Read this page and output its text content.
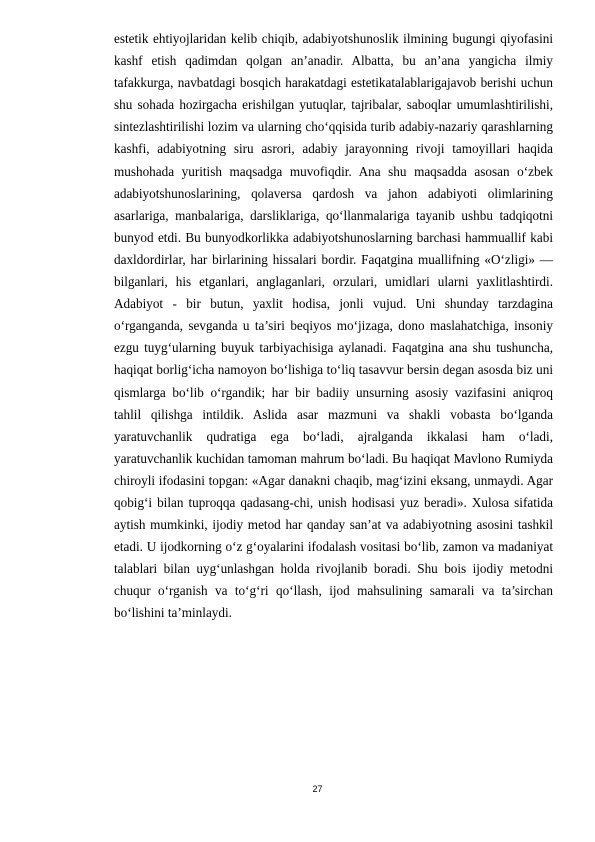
estetik ehtiyojlaridan kelib chiqib, adabiyotshunoslik ilmining bugungi qiyofasini kashf etish qadimdan qolgan an’anadir. Albatta, bu an’ana yangicha ilmiy tafakkurga, navbatdagi bosqich harakatdagi estetikatalablarigajavob berishi uchun shu sohada hozirgacha erishilgan yutuqlar, tajribalar, saboqlar umumlashtirilishi, sintezlashtirilishi lozim va ularning cho‘qqisida turib adabiy-nazariy qarashlarning kashfi, adabiyotning siru asrori, adabiy jarayonning rivoji tamoyillari haqida mushohada yuritish maqsadga muvofiqdir. Ana shu maqsadda asosan o‘zbek adabiyotshunoslarining, qolaversa qardosh va jahon adabiyoti olimlarining asarlariga, manbalariga, darsliklariga, qo‘llanmalariga tayanib ushbu tadqiqotni bunyod etdi. Bu bunyodkorlikka adabiyotshunoslarning barchasi hammuallif kabi daxldordirlar, har birlarining hissalari bordir. Faqatgina muallifning «O‘zligi» — bilganlari, his etganlari, anglaganlari, orzulari, umidlari ularni yaxlitlashtirdi. Adabiyot - bir butun, yaxlit hodisa, jonli vujud. Uni shunday tarzdagina o‘rganganda, sevganda u ta’siri beqiyos mo‘jizaga, dono maslahatchiga, insoniy ezgu tuyg‘ularning buyuk tarbiyachisiga aylanadi. Faqatgina ana shu tushuncha, haqiqat borlig‘icha namoyon bo‘lishiga to‘liq tasavvur bersin degan asosda biz uni qismlarga bo‘lib o‘rgandik; har bir badiiy unsurning asosiy vazifasini aniqroq tahlil qilishga intildik. Aslida asar mazmuni va shakli vobasta bo‘lganda yaratuvchanlik qudratiga ega bo‘ladi, ajralganda ikkalasi ham o‘ladi, yaratuvchanlik kuchidan tamoman mahrum bo‘ladi. Bu haqiqat Mavlono Rumiyda chiroyli ifodasini topgan: «Agar danakni chaqib, mag‘izini eksang, unmaydi. Agar qobig‘i bilan tuproqqa qadasang-chi, unish hodisasi yuz beradi». Xulosa sifatida aytish mumkinki, ijodiy metod har qanday san’at va adabiyotning asosini tashkil etadi. U ijodkorning o‘z g‘oyalarini ifodalash vositasi bo‘lib, zamon va madaniyat talablari bilan uyg‘unlashgan holda rivojlanib boradi. Shu bois ijodiy metodni chuqur o‘rganish va to‘g‘ri qo‘llash, ijod mahsulining samarali va ta’sirchan bo‘lishini ta’minlaydi.

27
